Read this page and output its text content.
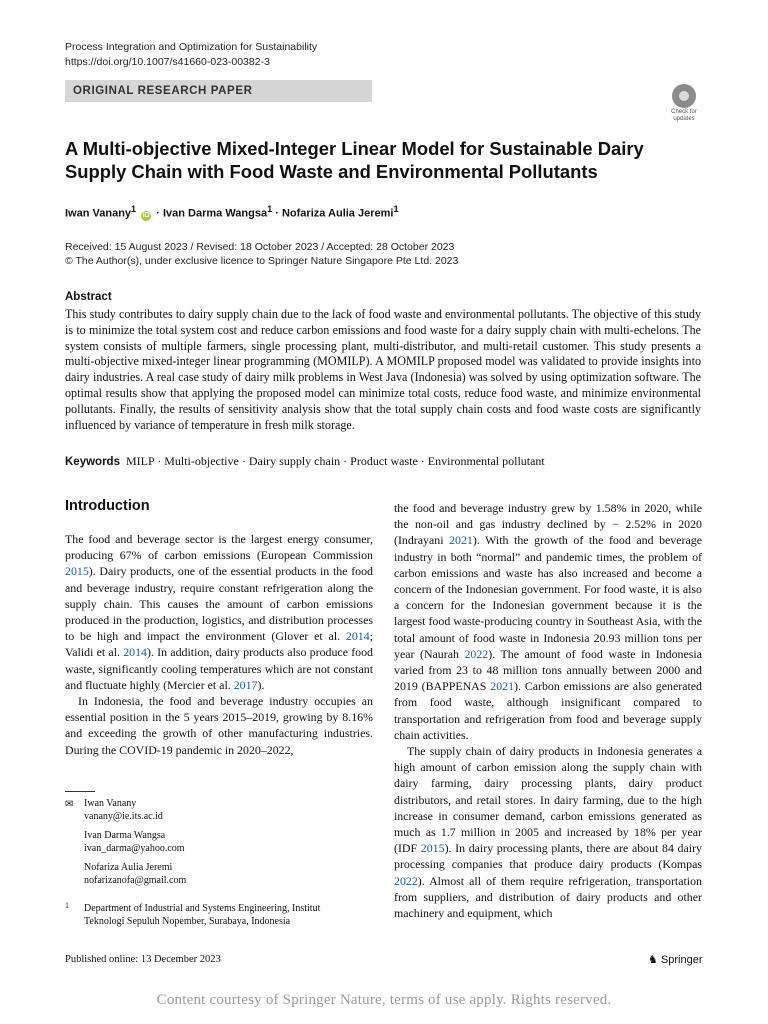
Process Integration and Optimization for Sustainability
https://doi.org/10.1007/s41660-023-00382-3
ORIGINAL RESEARCH PAPER
Check for
updates
A Multi-objective Mixed-Integer Linear Model for Sustainable Dairy
Supply Chain with Food Waste and Environmental Pollutants
Iwan Vanany$^1$ iD · Ivan Darma Wangsa$^1$ · Nofariza Aulia Jeremi$^1$
Received: 15 August 2023 / Revised: 18 October 2023 / Accepted: 28 October 2023
© The Author(s), under exclusive licence to Springer Nature Singapore Pte Ltd. 2023
Abstract
This study contributes to dairy supply chain due to the lack of food waste and environmental pollutants. The objective of this study is to minimize the total system cost and reduce carbon emissions and food waste for a dairy supply chain with multi-echelons. The system consists of multiple farmers, single processing plant, multi-distributor, and multi-retail customer. This study presents a multi-objective mixed-integer linear programming (MOMILP). A MOMILP proposed model was validated to provide insights into dairy industries. A real case study of dairy milk problems in West Java (Indonesia) was solved by using optimization software. The optimal results show that applying the proposed model can minimize total costs, reduce food waste, and minimize environmental pollutants. Finally, the results of sensitivity analysis show that the total supply chain costs and food waste costs are significantly influenced by variance of temperature in fresh milk storage.
Keywords MILP · Multi-objective · Dairy supply chain · Product waste · Environmental pollutant
Introduction

The food and beverage sector is the largest energy consumer, producing 67% of carbon emissions (European Commission 2015). Dairy products, one of the essential products in the food and beverage industry, require constant refrigeration along the supply chain. This causes the amount of carbon emissions produced in the production, logistics, and distribution processes to be high and impact the environment (Glover et al. 2014; Validi et al. 2014). In addition, dairy products also produce food waste, significantly cooling temperatures which are not constant and fluctuate highly (Mercier et al. 2017).

In Indonesia, the food and beverage industry occupies an essential position in the 5 years 2015–2019, growing by 8.16% and exceeding the growth of other manufacturing industries. During the COVID-19 pandemic in 2020–2022,

the food and beverage industry grew by 1.58% in 2020, while the non-oil and gas industry declined by − 2.52% in 2020 (Indrayani 2021). With the growth of the food and beverage industry in both “normal” and pandemic times, the problem of carbon emissions and waste has also increased and become a concern of the Indonesian government. For food waste, it is also a concern for the Indonesian government because it is the largest food waste-producing country in Southeast Asia, with the total amount of food waste in Indonesia 20.93 million tons per year (Naurah 2022). The amount of food waste in Indonesia varied from 23 to 48 million tons annually between 2000 and 2019 (BAPPENAS 2021). Carbon emissions are also generated from food waste, although insignificant compared to transportation and refrigeration from food and beverage supply chain activities.

The supply chain of dairy products in Indonesia generates a high amount of carbon emission along the supply chain with dairy farming, dairy processing plants, dairy product distributors, and retail stores. In dairy farming, due to the high increase in consumer demand, carbon emissions generated as much as 1.7 million in 2005 and increased by 18% per year (IDF 2015). In dairy processing plants, there are about 84 dairy processing companies that produce dairy products (Kompas 2022). Almost all of them require refrigeration, transportation from suppliers, and distribution of dairy products and other machinery and equipment, which

✉ Iwan Vanany
vanany@ie.its.ac.id
Ivan Darma Wangsa
ivan_darma@yahoo.com
Nofariza Aulia Jeremi
nofarizanofa@gmail.com
1 Department of Industrial and Systems Engineering, Institut
Teknologi Sepuluh Nopember, Surabaya, Indonesia
Published online: 13 December 2023	♞ Springer
Content courtesy of Springer Nature, terms of use apply. Rights reserved.
